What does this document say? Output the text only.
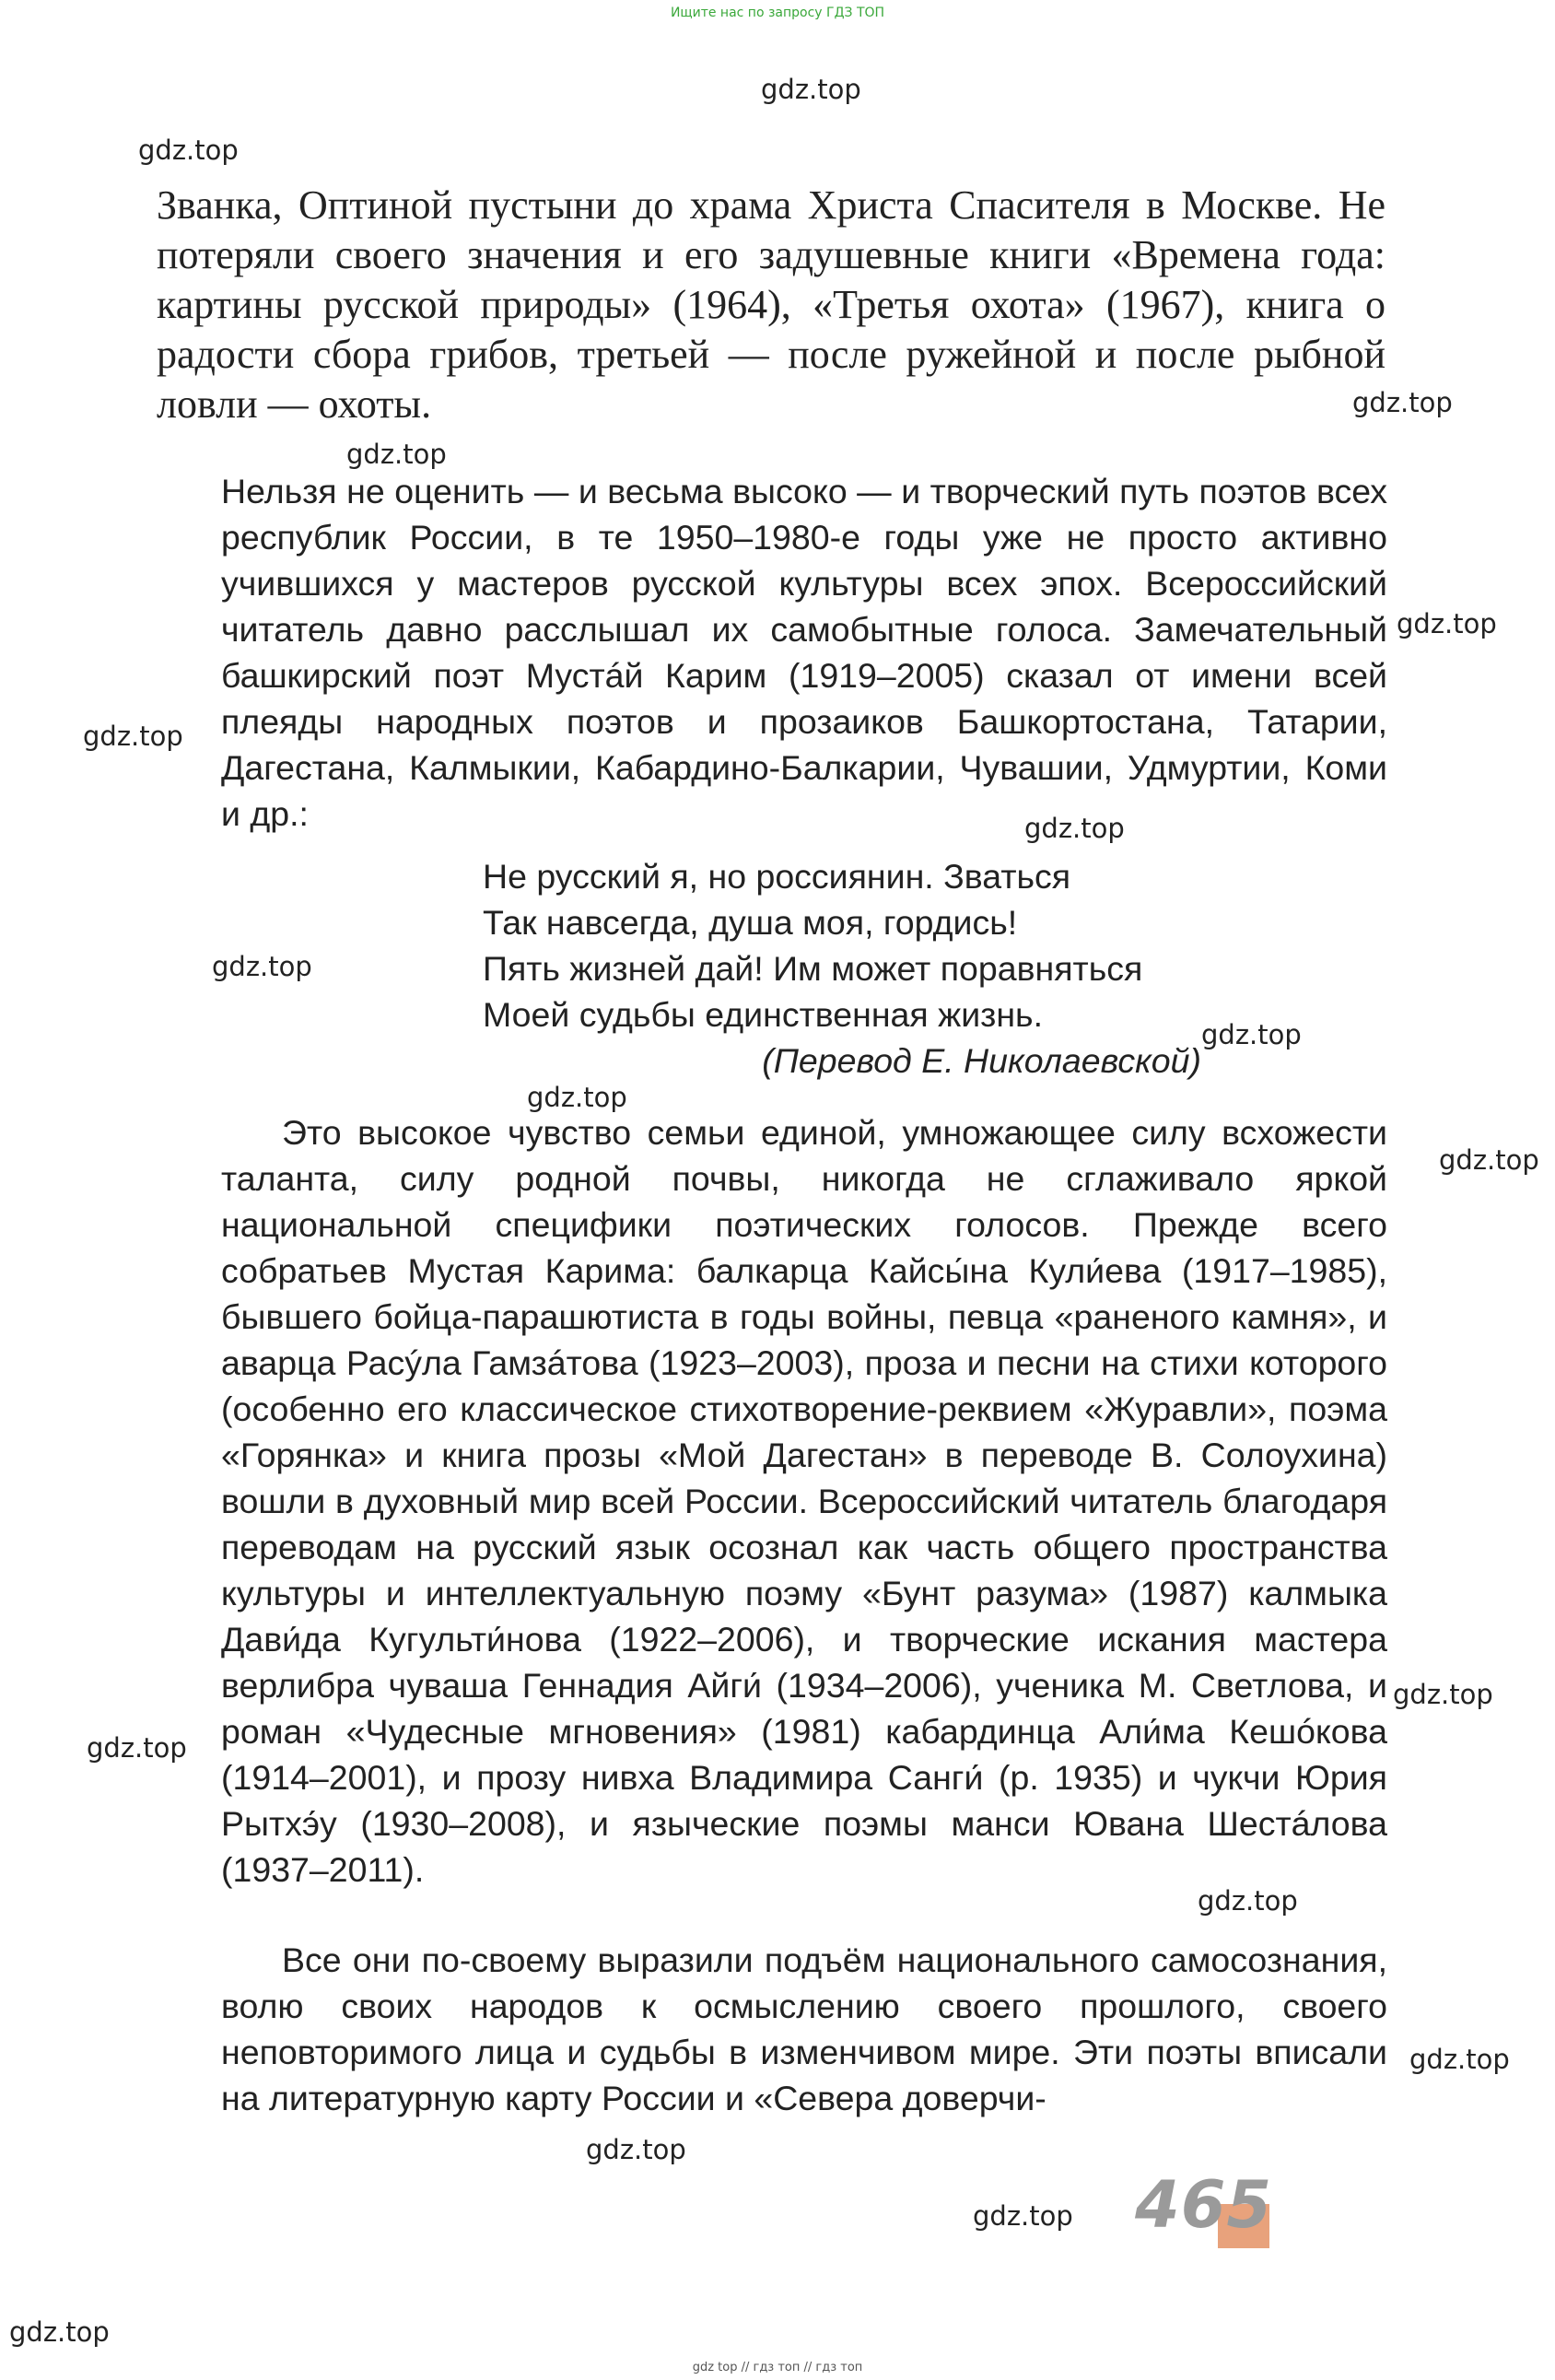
Ищите нас по запросу ГДЗ ТОП
gdz.top
gdz.top
gdz.top
gdz.top
gdz.top
gdz.top
gdz.top
gdz.top
gdz.top
gdz.top
gdz.top
gdz.top
gdz.top
gdz.top
gdz.top
gdz.top
gdz.top
gdz.top
Званка, Оптиной пустыни до храма Христа Спасителя в Москве. Не потеряли своего значения и его задушевные книги «Времена года: картины русской природы» (1964), «Третья охота» (1967), книга о радости сбора грибов, третьей — после ружейной и после рыбной ловли — охоты.
Нельзя не оценить — и весьма высоко — и творческий путь поэтов всех республик России, в те 1950–1980-е годы уже не просто активно учившихся у мастеров русской культуры всех эпох. Всероссийский читатель давно расслышал их самобытные голоса. Замечательный башкирский поэт Мустáй Карим (1919–2005) сказал от имени всей плеяды народных поэтов и прозаиков Башкортостана, Татарии, Дагестана, Калмыкии, Кабардино-Балкарии, Чувашии, Удмуртии, Коми и др.:
Не русский я, но россиянин. Зваться
Так навсегда, душа моя, гордись!
Пять жизней дай! Им может поравняться
Моей судьбы единственная жизнь.
(Перевод Е. Николаевской)
Это высокое чувство семьи единой, умножающее силу всхожести таланта, силу родной почвы, никогда не сглаживало яркой национальной специфики поэтических голосов. Прежде всего собратьев Мустая Карима: балкарца Кайсы́на Кули́ева (1917–1985), бывшего бойца-парашютиста в годы войны, певца «раненого камня», и аварца Расýла Гамзáтова (1923–2003), проза и песни на стихи которого (особенно его классическое стихотворение-реквием «Журавли», поэма «Горянка» и книга прозы «Мой Дагестан» в переводе В. Солоухина) вошли в духовный мир всей России. Всероссийский читатель благодаря переводам на русский язык осознал как часть общего пространства культуры и интеллектуальную поэму «Бунт разума» (1987) калмыка Дави́да Кугульти́нова (1922–2006), и творческие искания мастера верлибра чуваша Геннадия Айги́ (1934–2006), ученика М. Светлова, и роман «Чудесные мгновения» (1981) кабардинца Али́ма Кешóкова (1914–2001), и прозу нивха Владимира Санги́ (р. 1935) и чукчи Юрия Рытхэ́у (1930–2008), и языческие поэмы манси Ювана Шестáлова (1937–2011).
Все они по-своему выразили подъём национального самосознания, волю своих народов к осмыслению своего прошлого, своего неповторимого лица и судьбы в изменчивом мире. Эти поэты вписали на литературную карту России и «Севера доверчи-
465
gdz top // гдз топ // гдз топ
